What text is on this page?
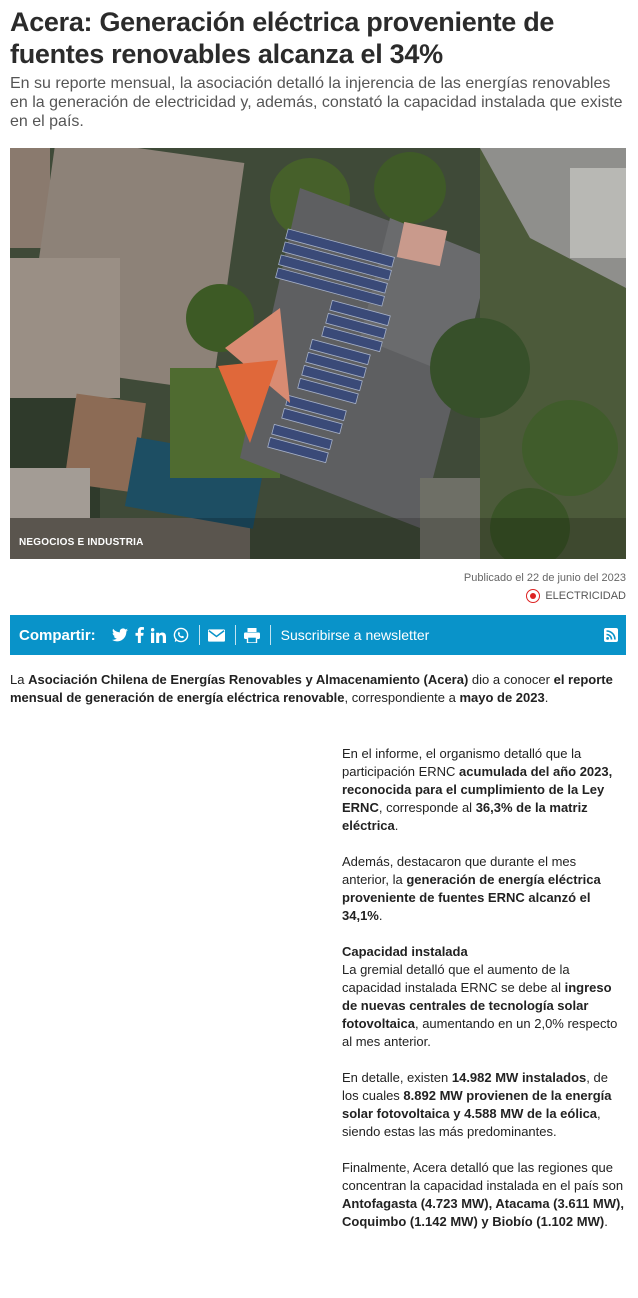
Acera: Generación eléctrica proveniente de fuentes renovables alcanza el 34%

En su reporte mensual, la asociación detalló la injerencia de las energías renovables en la generación de electricidad y, además, constató la capacidad instalada que existe en el país.

NEGOCIOS E INDUSTRIA
Publicado el 22 de junio del 2023
ELECTRICIDAD
Compartir:	Suscribirse a newsletter

La Asociación Chilena de Energías Renovables y Almacenamiento (Acera) dio a conocer el reporte mensual de generación de energía eléctrica renovable, correspondiente a mayo de 2023.

En el informe, el organismo detalló que la participación ERNC acumulada del año 2023, reconocida para el cumplimiento de la Ley ERNC, corresponde al 36,3% de la matriz eléctrica.

Además, destacaron que durante el mes anterior, la generación de energía eléctrica proveniente de fuentes ERNC alcanzó el 34,1%.

Capacidad instalada
La gremial detalló que el aumento de la capacidad instalada ERNC se debe al ingreso de nuevas centrales de tecnología solar fotovoltaica, aumentando en un 2,0% respecto al mes anterior.

En detalle, existen 14.982 MW instalados, de los cuales 8.892 MW provienen de la energía solar fotovoltaica y 4.588 MW de la eólica, siendo estas las más predominantes.

Finalmente, Acera detalló que las regiones que concentran la capacidad instalada en el país son Antofagasta (4.723 MW), Atacama (3.611 MW), Coquimbo (1.142 MW) y Biobío (1.102 MW).
